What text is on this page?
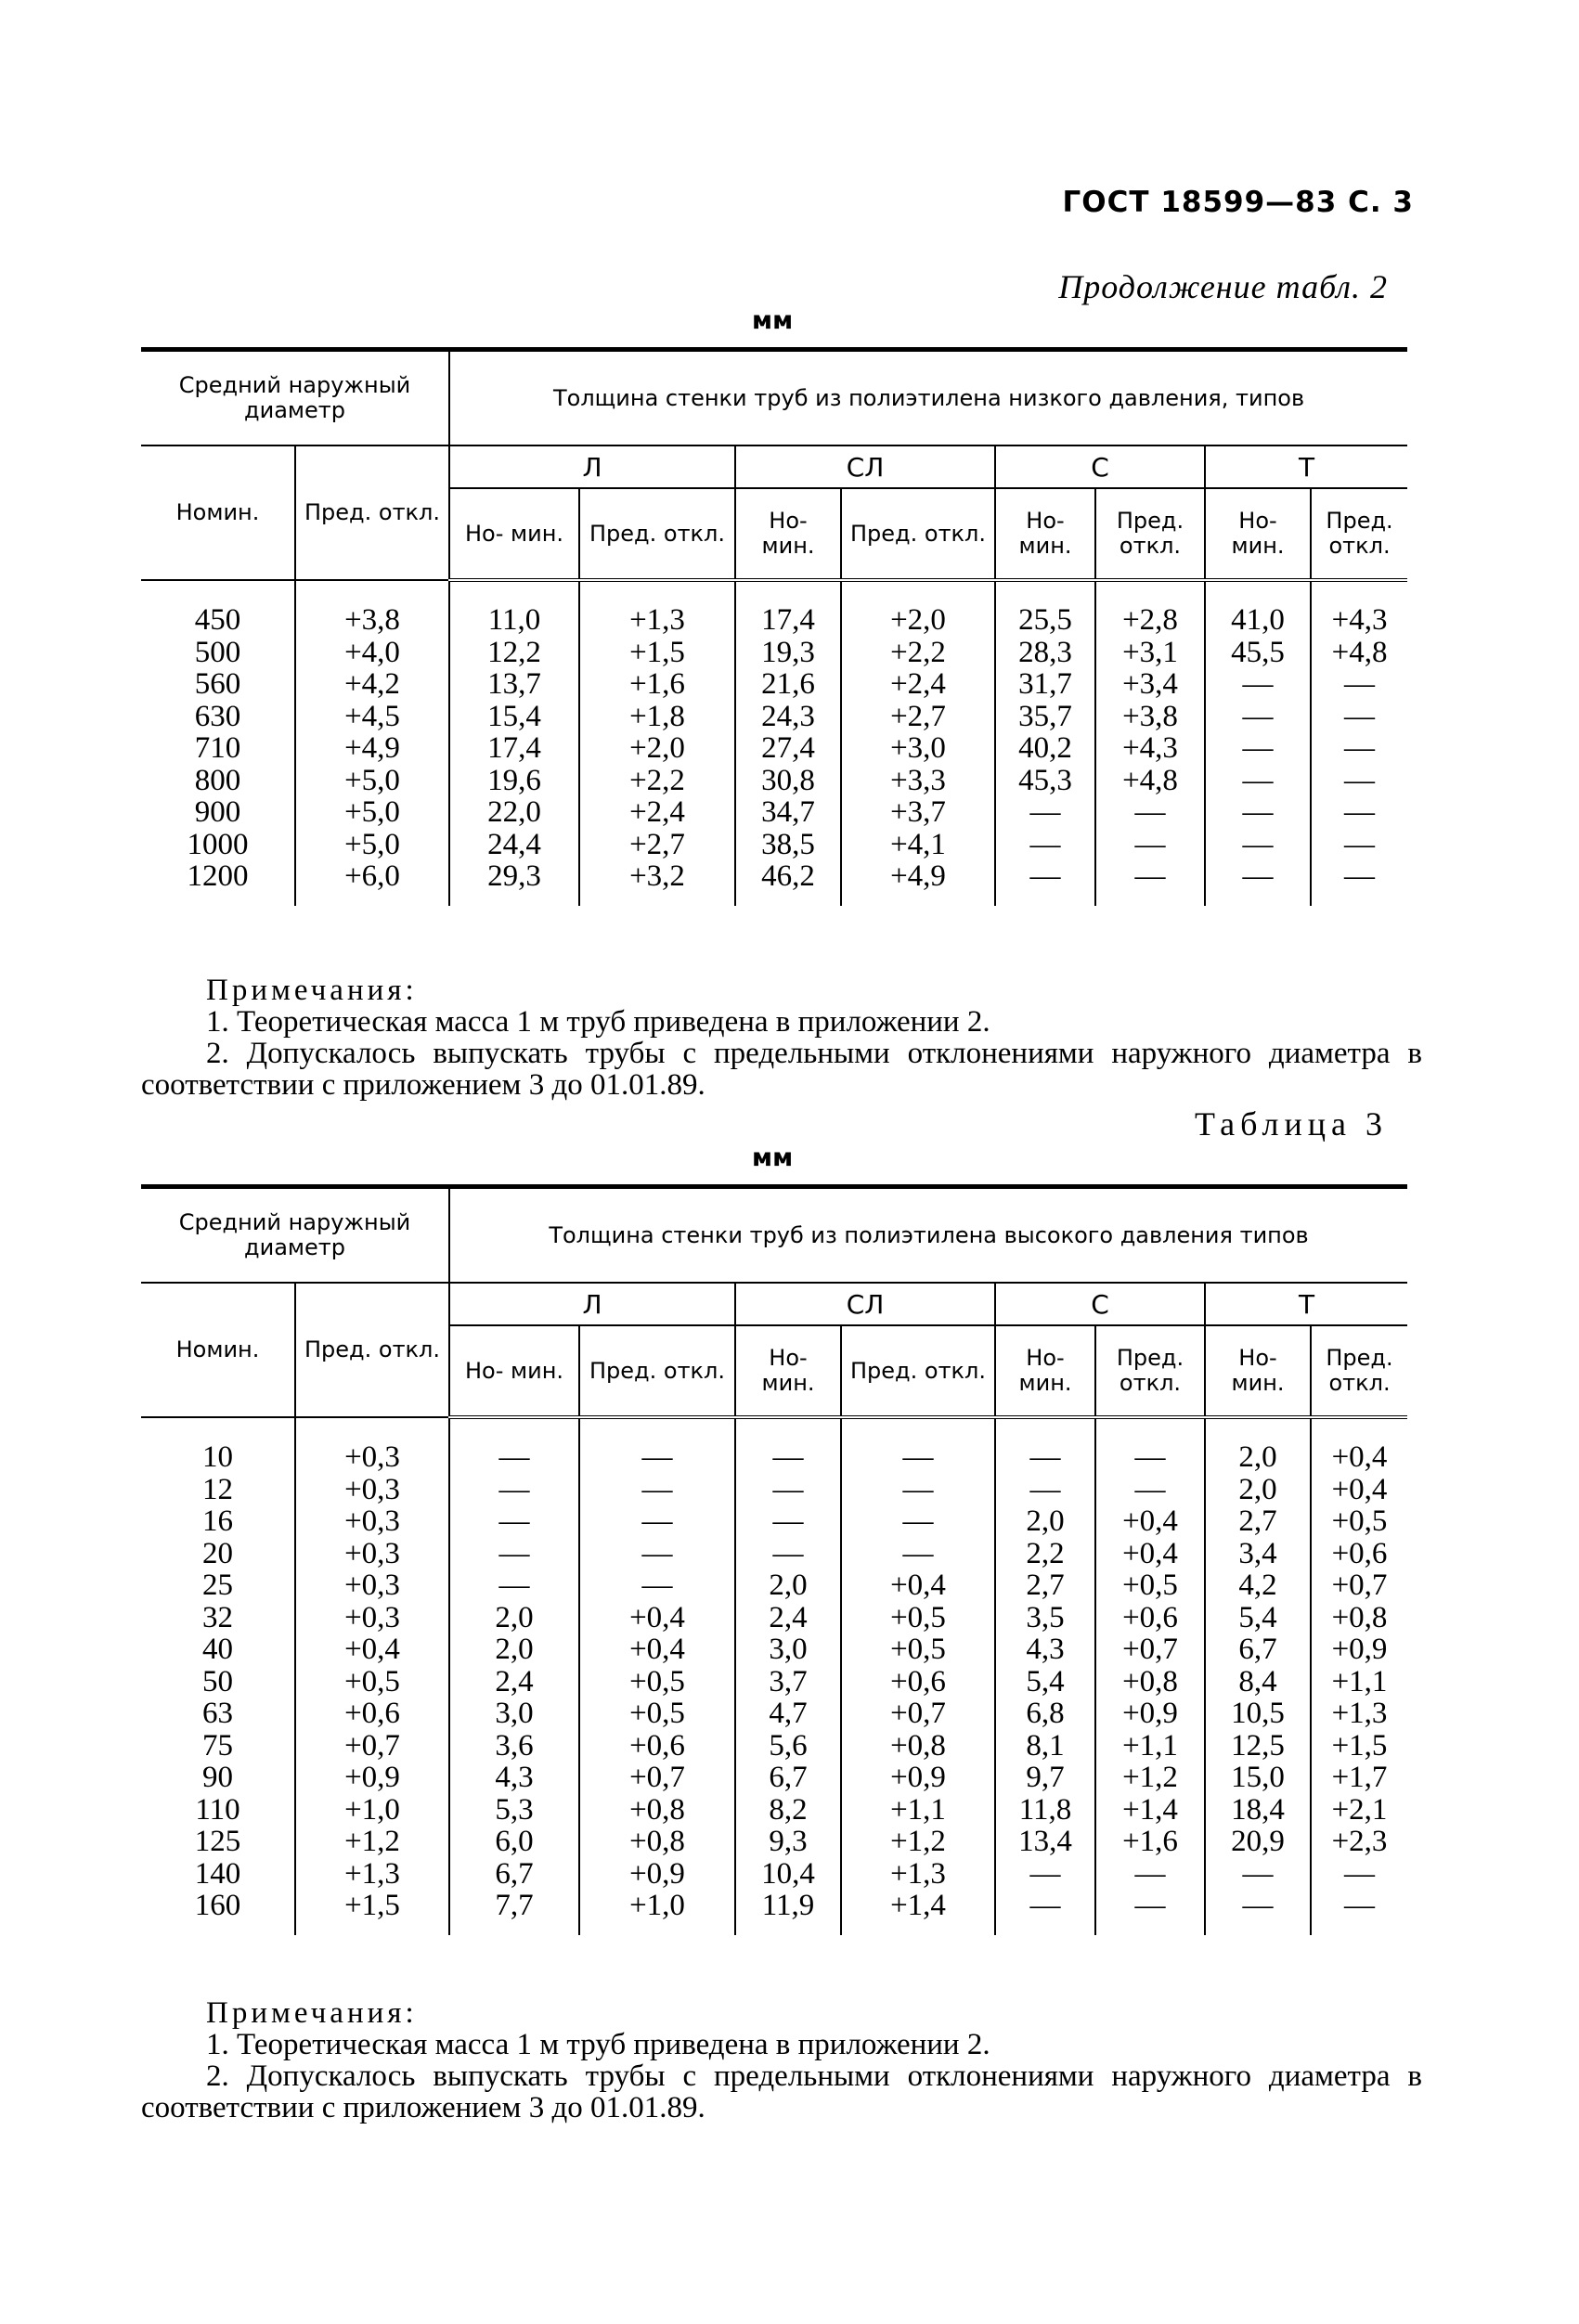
ГОСТ 18599—83 С. 3
Продолжение табл. 2
мм
Средний наружный диаметр		Толщина стенки труб из полиэтилена низкого давления, типов							
Номин.	Пред. откл.	Л		СЛ		С		Т	
		Но- мин.	Пред. откл.	Но- мин.	Пред. откл.	Но- мин.	Пред. откл.	Но- мин.	Пред. откл.

450	+3,8	11,0	+1,3	17,4	+2,0	25,5	+2,8	41,0	+4,3
500	+4,0	12,2	+1,5	19,3	+2,2	28,3	+3,1	45,5	+4,8
560	+4,2	13,7	+1,6	21,6	+2,4	31,7	+3,4	—	—
630	+4,5	15,4	+1,8	24,3	+2,7	35,7	+3,8	—	—
710	+4,9	17,4	+2,0	27,4	+3,0	40,2	+4,3	—	—
800	+5,0	19,6	+2,2	30,8	+3,3	45,3	+4,8	—	—
900	+5,0	22,0	+2,4	34,7	+3,7	—	—	—	—
1000	+5,0	24,4	+2,7	38,5	+4,1	—	—	—	—
1200	+6,0	29,3	+3,2	46,2	+4,9	—	—	—	—

Примечания:
1. Теоретическая масса 1 м труб приведена в приложении 2.
2. Допускалось выпускать трубы с предельными отклонениями наружного диаметра в соответствии с приложением 3 до 01.01.89.
Таблица 3
мм
Средний наружный диаметр		Толщина стенки труб из полиэтилена высокого давления типов							
Номин.	Пред. откл.	Л		СЛ		С		Т	
		Но- мин.	Пред. откл.	Но- мин.	Пред. откл.	Но- мин.	Пред. откл.	Но- мин.	Пред. откл.

10	+0,3	—	—	—	—	—	—	2,0	+0,4
12	+0,3	—	—	—	—	—	—	2,0	+0,4
16	+0,3	—	—	—	—	2,0	+0,4	2,7	+0,5
20	+0,3	—	—	—	—	2,2	+0,4	3,4	+0,6
25	+0,3	—	—	2,0	+0,4	2,7	+0,5	4,2	+0,7
32	+0,3	2,0	+0,4	2,4	+0,5	3,5	+0,6	5,4	+0,8
40	+0,4	2,0	+0,4	3,0	+0,5	4,3	+0,7	6,7	+0,9
50	+0,5	2,4	+0,5	3,7	+0,6	5,4	+0,8	8,4	+1,1
63	+0,6	3,0	+0,5	4,7	+0,7	6,8	+0,9	10,5	+1,3
75	+0,7	3,6	+0,6	5,6	+0,8	8,1	+1,1	12,5	+1,5
90	+0,9	4,3	+0,7	6,7	+0,9	9,7	+1,2	15,0	+1,7
110	+1,0	5,3	+0,8	8,2	+1,1	11,8	+1,4	18,4	+2,1
125	+1,2	6,0	+0,8	9,3	+1,2	13,4	+1,6	20,9	+2,3
140	+1,3	6,7	+0,9	10,4	+1,3	—	—	—	—
160	+1,5	7,7	+1,0	11,9	+1,4	—	—	—	—

Примечания:
1. Теоретическая масса 1 м труб приведена в приложении 2.
2. Допускалось выпускать трубы с предельными отклонениями наружного диаметра в соответствии с приложением 3 до 01.01.89.
